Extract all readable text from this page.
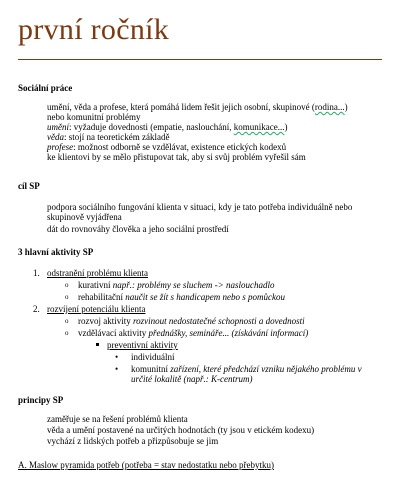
první ročník
Sociální práce
umění, věda a profese, která pomáhá lidem řešit jejich osobní, skupinové (rodina...)
nebo komunitní problémy
umění: vyžaduje dovednosti (empatie, naslouchání, komunikace...)
věda: stojí na teoretickém základě
profese: možnost odborně se vzdělávat, existence etických kodexů
ke klientovi by se mělo přistupovat tak, aby si svůj problém vyřešil sám
cíl SP
podpora sociálního fungování klienta v situaci, kdy je tato potřeba individuálně nebo
skupinově vyjádřena
dát do rovnováhy člověka a jeho sociální prostředí
3 hlavní aktivity SP
1. odstranění problému klienta
o kurativní např.: problémy se sluchem -> naslouchadlo
o rehabilitační naučit se žít s handicapem nebo s pomůckou
2. rozvíjení potenciálu klienta
o rozvoj aktivity rozvinout nedostatečné schopnosti a dovednosti
o vzdělávací aktivity přednášky, semináře... (získávání informací)
preventivní aktivity
• individuální
• komunitní zařízení, které předchází vzniku nějakého problému v
určité lokalitě (např.: K-centrum)
principy SP
zaměřuje se na řešení problémů klienta
věda a umění postavené na určitých hodnotách (ty jsou v etickém kodexu)
vychází z lidských potřeb a přizpůsobuje se jim
A. Maslow pyramida potřeb (potřeba = stav nedostatku nebo přebytku)
